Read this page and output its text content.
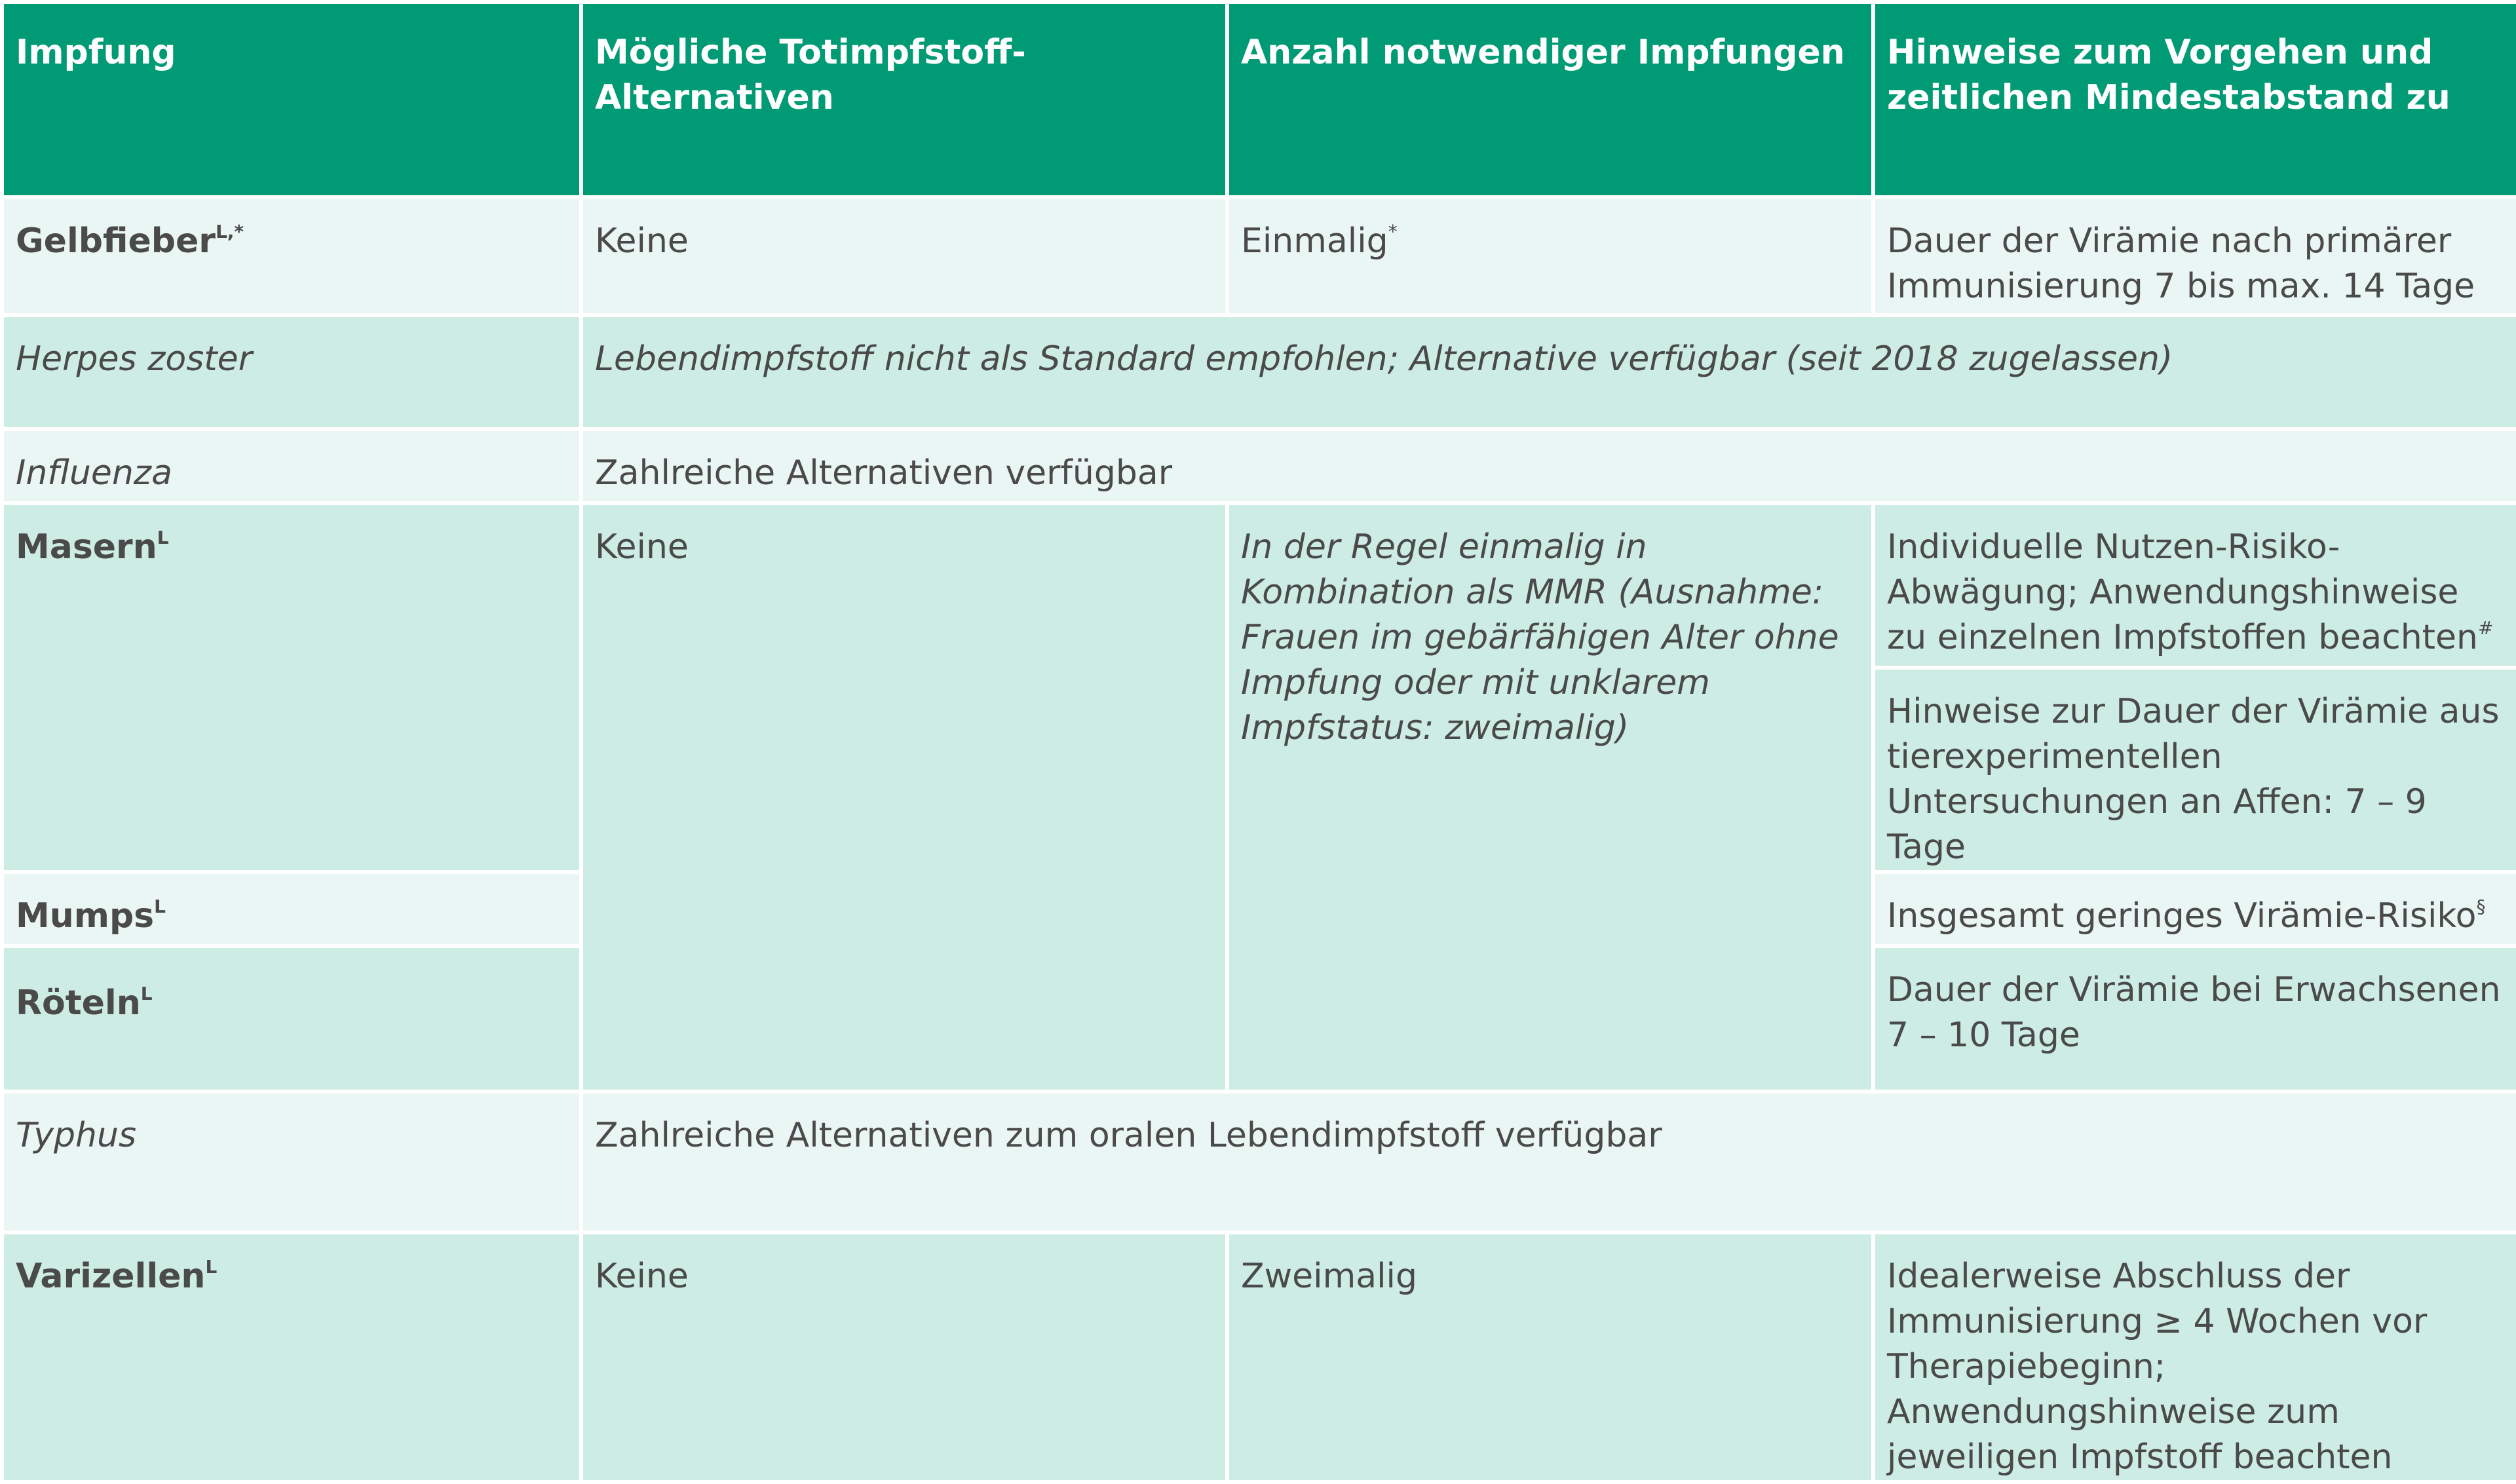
Impfung	Mögliche Totimpfstoff-Alternativen	Anzahl notwendiger Impfungen	Hinweise zum Vorgehen und zeitlichen Mindestabstand zu
Gelbfieber$^{L,*}$	Keine	Einmalig*	Dauer der Virämie nach primärer Immunisierung 7 bis max. 14 Tage
Herpes zoster	Lebendimpfstoff nicht als Standard empfohlen; Alternative verfügbar (seit 2018 zugelassen)		
Influenza	Zahlreiche Alternativen verfügbar		
Masern$^L$	Keine	In der Regel einmalig in Kombination als MMR (Ausnahme: Frauen im gebärfähigen Alter ohne Impfung oder mit unklarem Impfstatus: zweimalig)	Individuelle Nutzen-Risiko-Abwägung; Anwendungshinweise zu einzelnen Impfstoffen beachten#
			Hinweise zur Dauer der Virämie aus tierexperimentellen Untersuchungen an Affen: 7 – 9 Tage
Mumps$^L$			Insgesamt geringes Virämie-Risiko§
Röteln$^L$			Dauer der Virämie bei Erwachsenen 7 – 10 Tage
Typhus	Zahlreiche Alternativen zum oralen Lebendimpfstoff verfügbar		
Varizellen$^L$	Keine	Zweimalig	Idealerweise Abschluss der Immunisierung ≥ 4 Wochen vor Therapiebeginn; Anwendungshinweise zum jeweiligen Impfstoff beachten
